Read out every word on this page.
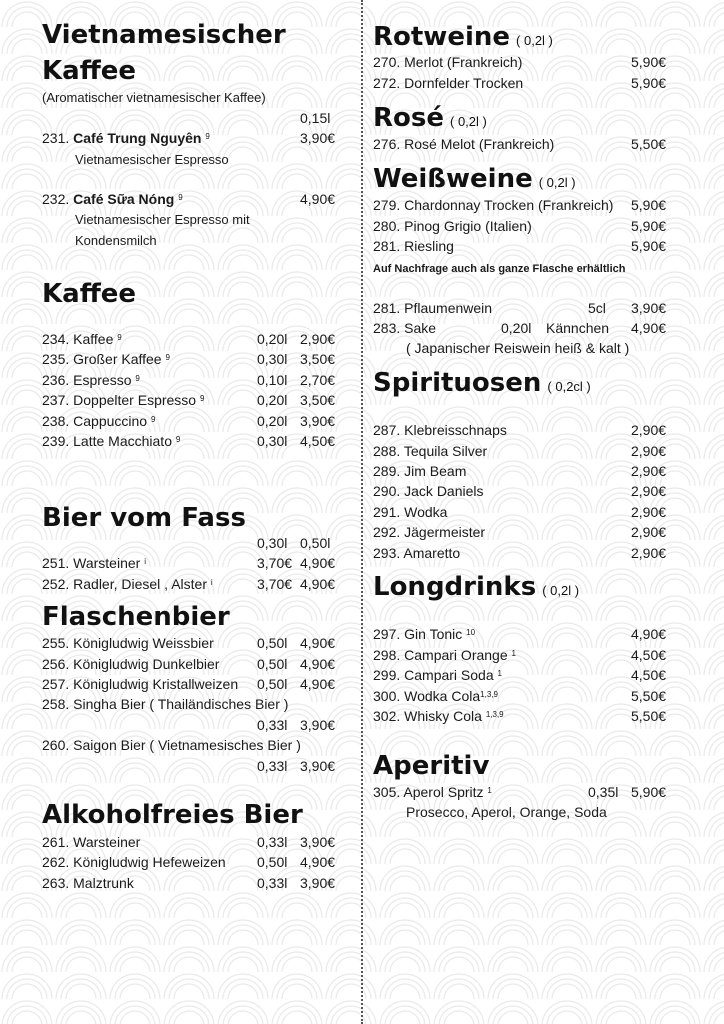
Vietnamesischer
Kaffee
(Aromatischer vietnamesischer Kaffee)
0,15l
231. Café Trung Nguyên $^9$	3,90€
Vietnamesischer Espresso
232. Café Sữa Nóng $^9$	4,90€
Vietnamesischer Espresso mit
Kondensmilch
Kaffee
234. Kaffee $^9$	0,20l 2,90€
235. Großer Kaffee $^9$	0,30l 3,50€
236. Espresso $^9$	0,10l 2,70€
237. Doppelter Espresso $^9$	0,20l 3,50€
238. Cappuccino $^9$	0,20l 3,90€
239. Latte Macchiato $^9$	0,30l 4,50€
Bier vom Fass
0,30l 0,50l
251. Warsteiner $^i$	3,70€ 4,90€
252. Radler, Diesel , Alster $^i$	3,70€ 4,90€
Flaschenbier
255. Königludwig Weissbier	0,50l 4,90€
256. Königludwig Dunkelbier	0,50l 4,90€
257. Königludwig Kristallweizen 0,50l 4,90€
258. Singha Bier ( Thailändisches Bier )
0,33l 3,90€
260. Saigon Bier ( Vietnamesisches Bier )
0,33l 3,90€
Alkoholfreies Bier
261. Warsteiner	0,33l 3,90€
262. Königludwig Hefeweizen 0,50l 4,90€
263. Malztrunk	0,33l 3,90€
Rotweine ( 0,2l )
270. Merlot (Frankreich)	5,90€
272. Dornfelder Trocken	5,90€
Rosé ( 0,2l )
276. Rosé Melot (Frankreich)	5,50€
Weißweine ( 0,2l )
279. Chardonnay Trocken (Frankreich) 5,90€
280. Pinog Grigio (Italien)	5,90€
281. Riesling	5,90€
Auf Nachfrage auch als ganze Flasche erhältlich
281. Pflaumenwein	5cl 3,90€
283. Sake	0,20l Kännchen 4,90€
( Japanischer Reiswein heiß & kalt )
Spirituosen ( 0,2cl )
287. Klebreisschnaps	2,90€
288. Tequila Silver	2,90€
289. Jim Beam	2,90€
290. Jack Daniels	2,90€
291. Wodka	2,90€
292. Jägermeister	2,90€
293. Amaretto	2,90€
Longdrinks ( 0,2l )
297. Gin Tonic $^{10}$	4,90€
298. Campari Orange $^1$	4,50€
299. Campari Soda $^1$	4,50€
300. Wodka Cola$^{1,3,9}$	5,50€
302. Whisky Cola $^{1,3,9}$	5,50€
Aperitiv
305. Aperol Spritz $^1$	0,35l 5,90€
Prosecco, Aperol, Orange, Soda
